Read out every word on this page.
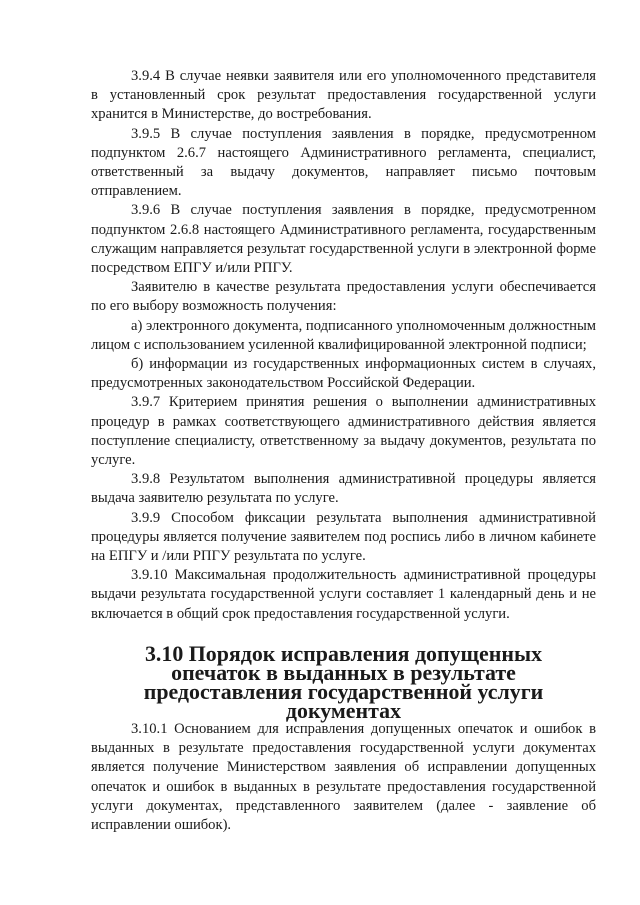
3.9.4 В случае неявки заявителя или его уполномоченного представителя в установленный срок результат предоставления государственной услуги хранится в Министерстве, до востребования.

3.9.5 В случае поступления заявления в порядке, предусмотренном подпунктом 2.6.7 настоящего Административного регламента, специалист, ответственный за выдачу документов, направляет письмо почтовым отправлением.

3.9.6 В случае поступления заявления в порядке, предусмотренном подпунктом 2.6.8 настоящего Административного регламента, государственным служащим направляется результат государственной услуги в электронной форме посредством ЕПГУ и/или РПГУ.

Заявителю в качестве результата предоставления услуги обеспечивается по его выбору возможность получения:

а) электронного документа, подписанного уполномоченным должностным лицом с использованием усиленной квалифицированной электронной подписи;

б) информации из государственных информационных систем в случаях, предусмотренных законодательством Российской Федерации.

3.9.7 Критерием принятия решения о выполнении административных процедур в рамках соответствующего административного действия является поступление специалисту, ответственному за выдачу документов, результата по услуге.

3.9.8 Результатом выполнения административной процедуры является выдача заявителю результата по услуге.

3.9.9 Способом фиксации результата выполнения административной процедуры является получение заявителем под роспись либо в личном кабинете на ЕПГУ и /или РПГУ результата по услуге.

3.9.10 Максимальная продолжительность административной процедуры выдачи результата государственной услуги составляет 1 календарный день и не включается в общий срок предоставления государственной услуги.

3.10 Порядок исправления допущенных опечаток в выданных в результате предоставления государственной услуги документах

3.10.1 Основанием для исправления допущенных опечаток и ошибок в выданных в результате предоставления государственной услуги документах является получение Министерством заявления об исправлении допущенных опечаток и ошибок в выданных в результате предоставления государственной услуги документах, представленного заявителем (далее - заявление об исправлении ошибок).
